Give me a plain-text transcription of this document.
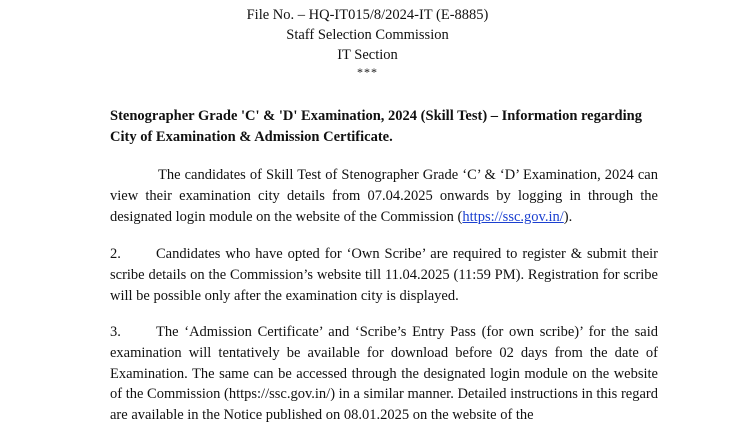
File No. – HQ-IT015/8/2024-IT (E-8885)
Staff Selection Commission
IT Section
***
Stenographer Grade 'C' & 'D' Examination, 2024 (Skill Test) – Information regarding City of Examination & Admission Certificate.
The candidates of Skill Test of Stenographer Grade ‘C’ & ‘D’ Examination, 2024 can view their examination city details from 07.04.2025 onwards by logging in through the designated login module on the website of the Commission (https://ssc.gov.in/).
2. Candidates who have opted for ‘Own Scribe’ are required to register & submit their scribe details on the Commission’s website till 11.04.2025 (11:59 PM). Registration for scribe will be possible only after the examination city is displayed.
3. The ‘Admission Certificate’ and ‘Scribe’s Entry Pass (for own scribe)’ for the said examination will tentatively be available for download before 02 days from the date of Examination. The same can be accessed through the designated login module on the website of the Commission (https://ssc.gov.in/) in a similar manner. Detailed instructions in this regard are available in the Notice published on 08.01.2025 on the website of the
